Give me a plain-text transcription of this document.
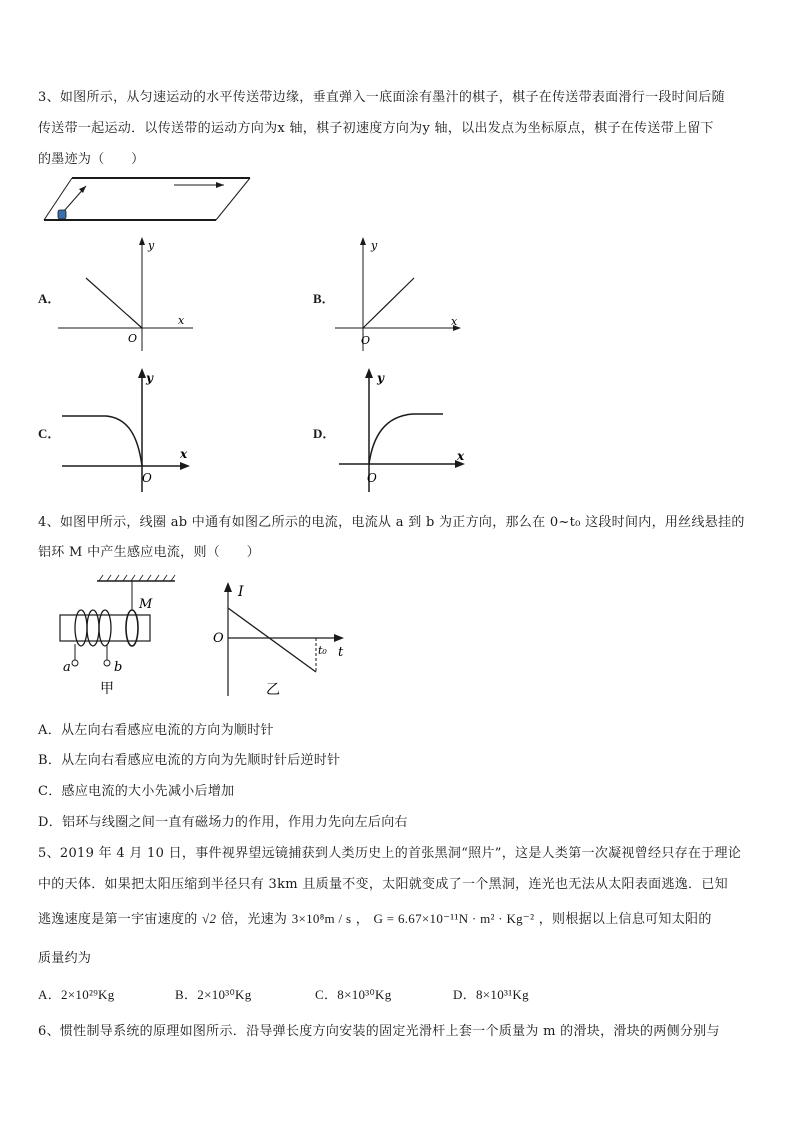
3、如图所示，从匀速运动的水平传送带边缘，垂直弹入一底面涂有墨汁的棋子，棋子在传送带表面滑行一段时间后随
传送带一起运动．以传送带的运动方向为x 轴，棋子初速度方向为y 轴，以出发点为坐标原点，棋子在传送带上留下
的墨迹为（　　）
A．
y
x
O
B．
y
x
O
C．
y
x
O
D．
y
x
O
4、如图甲所示，线圈 ab 中通有如图乙所示的电流，电流从 a 到 b 为正方向，那么在 0~t₀ 这段时间内，用丝线悬挂的
铝环 M 中产生感应电流，则（　　）
M
a	b
甲
I
O
t
t₀
乙
A．从左向右看感应电流的方向为顺时针
B．从左向右看感应电流的方向为先顺时针后逆时针
C．感应电流的大小先减小后增加
D．铝环与线圈之间一直有磁场力的作用，作用力先向左后向右
5、2019 年 4 月 10 日，事件视界望远镜捕获到人类历史上的首张黑洞“照片”，这是人类第一次凝视曾经只存在于理论
中的天体．如果把太阳压缩到半径只有 3km 且质量不变，太阳就变成了一个黑洞，连光也无法从太阳表面逃逸．已知
逃逸速度是第一宇宙速度的 √2 倍，光速为 3×10⁸m / s ， G = 6.67×10⁻¹¹N · m² · Kg⁻² ，则根据以上信息可知太阳的
质量约为
A．2×10²⁹Kg	B．2×10³⁰Kg	C．8×10³⁰Kg	D．8×10³¹Kg
6、惯性制导系统的原理如图所示．沿导弹长度方向安装的固定光滑杆上套一个质量为 m 的滑块，滑块的两侧分别与
